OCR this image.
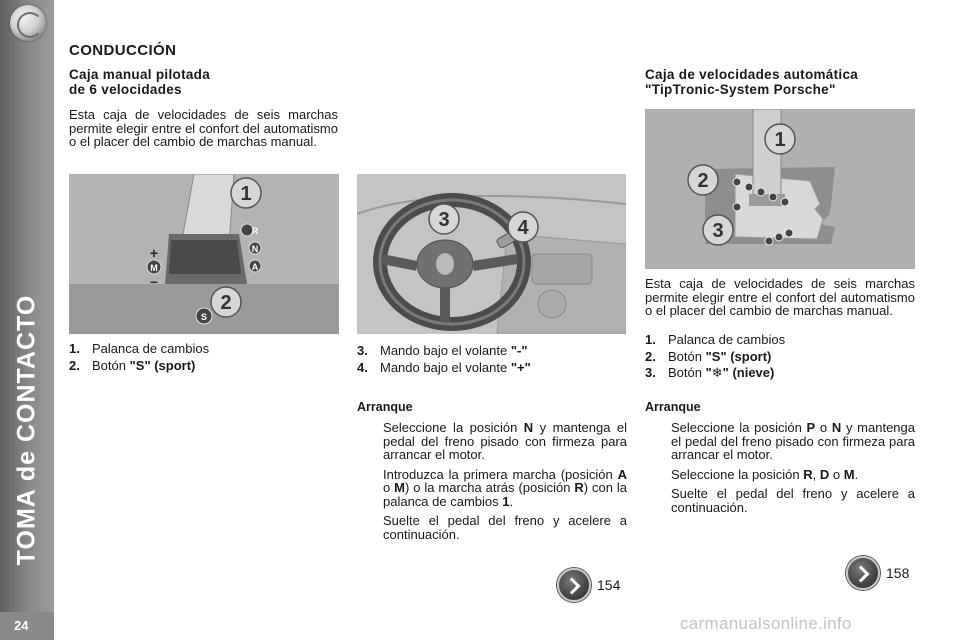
TOMA de CONTACTO
24
CONDUCCIÓN
Caja manual pilotada
de 6 velocidades
Esta caja de velocidades de seis marchas permite elegir entre el confort del automatismo o el placer del cambio de marchas manual.
1
2
R
N
A
M
S
+
–
1. Palanca de cambios
2. Botón
"S" (sport)
3	4
3. Mando bajo el volante
"-"
4. Mando bajo el volante
"+"
Arranque
Seleccione la posición N y mantenga el pedal del freno pisado con firmeza para arrancar el motor.
Introduzca la primera marcha (posición A o M) o la marcha atrás (posición R) con la palanca de cambios 1.
Suelte el pedal del freno y acelere a continuación.
154
Caja de velocidades automática
"TipTronic-System Porsche"
1
2
3
Esta caja de velocidades de seis marchas permite elegir entre el confort del automatismo o el placer del cambio de marchas manual.
1. Palanca de cambios
2. Botón
"S" (sport)
3. Botón
"❄" (nieve)
Arranque
Seleccione la posición P o N y mantenga el pedal del freno pisado con firmeza para arrancar el motor.
Seleccione la posición R, D o M.
Suelte el pedal del freno y acelere a continuación.
158
carmanualsonline.info
